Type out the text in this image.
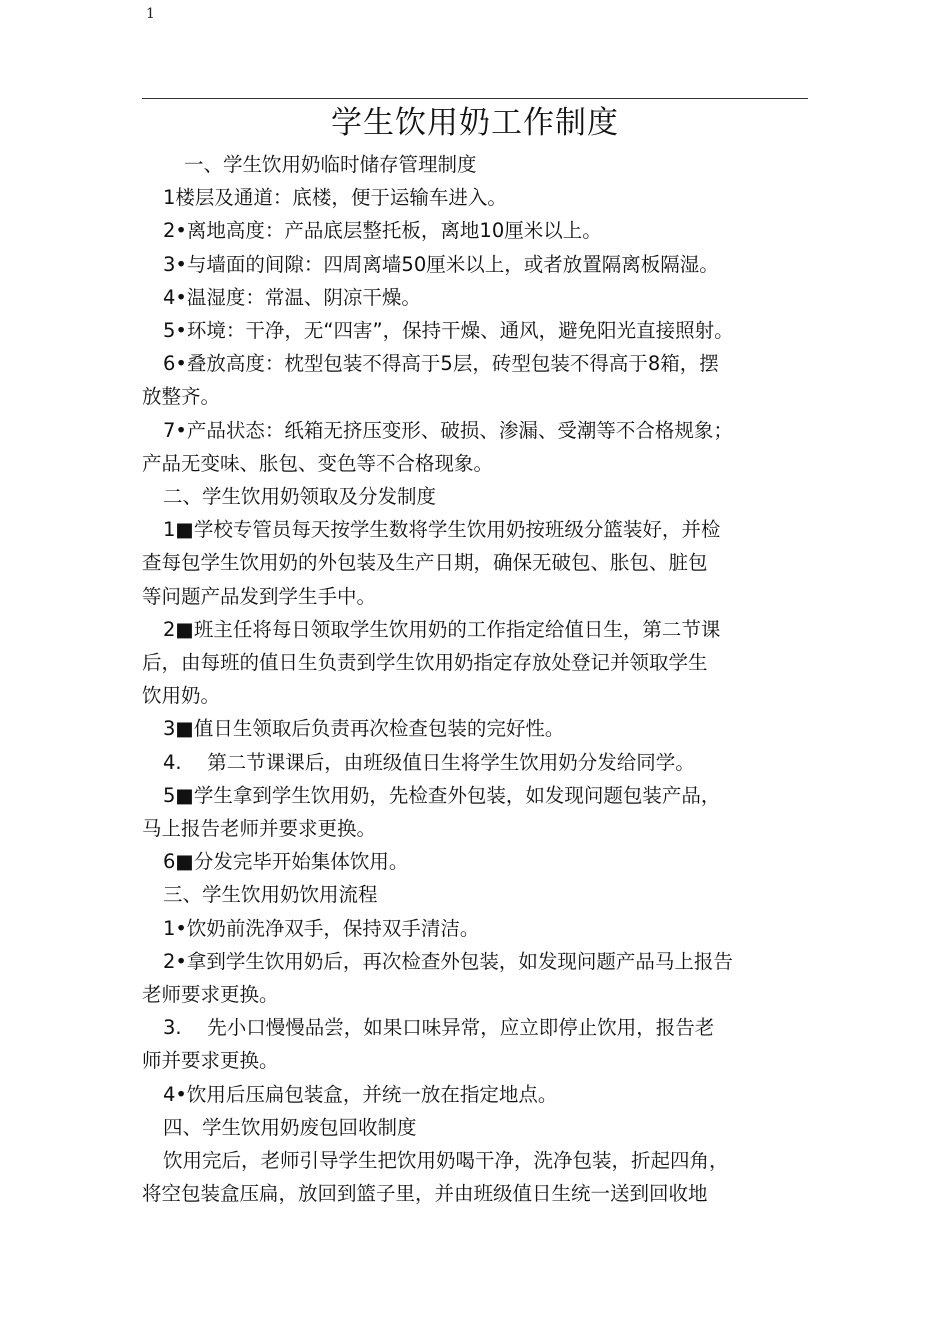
1
学生饮用奶工作制度

一、学生饮用奶临时储存管理制度

1楼层及通道：底楼，便于运输车进入。

2•离地高度：产品底层整托板，离地10厘米以上。

3•与墙面的间隙：四周离墙50厘米以上，或者放置隔离板隔湿。

4•温湿度：常温、阴凉干燥。

5•环境：干净，无“四害”，保持干燥、通风，避免阳光直接照射。

6•叠放高度：枕型包装不得高于5层，砖型包装不得高于8箱，摆
放整齐。

7•产品状态：纸箱无挤压变形、破损、渗漏、受潮等不合格规象；
产品无变味、胀包、变色等不合格现象。

二、学生饮用奶领取及分发制度

1■学校专管员每天按学生数将学生饮用奶按班级分篮装好，并检
查每包学生饮用奶的外包装及生产日期，确保无破包、胀包、脏包
等问题产品发到学生手中。

2■班主任将每日领取学生饮用奶的工作指定给值日生，第二节课
后，由每班的值日生负责到学生饮用奶指定存放处登记并领取学生
饮用奶。

3■值日生领取后负责再次检查包装的完好性。

4.　 第二节课课后，由班级值日生将学生饮用奶分发给同学。

5■学生拿到学生饮用奶，先检查外包装，如发现问题包装产品，
马上报告老师并要求更换。

6■分发完毕开始集体饮用。

三、学生饮用奶饮用流程

1•饮奶前洗净双手，保持双手清洁。

2•拿到学生饮用奶后，再次检查外包装，如发现问题产品马上报告
老师要求更换。

3.　 先小口慢慢品尝，如果口味异常，应立即停止饮用，报告老
师并要求更换。

4•饮用后压扁包装盒，并统一放在指定地点。

四、学生饮用奶废包回收制度

饮用完后，老师引导学生把饮用奶喝干净，洗净包装，折起四角，
将空包装盒压扁，放回到篮子里，并由班级值日生统一送到回收地
